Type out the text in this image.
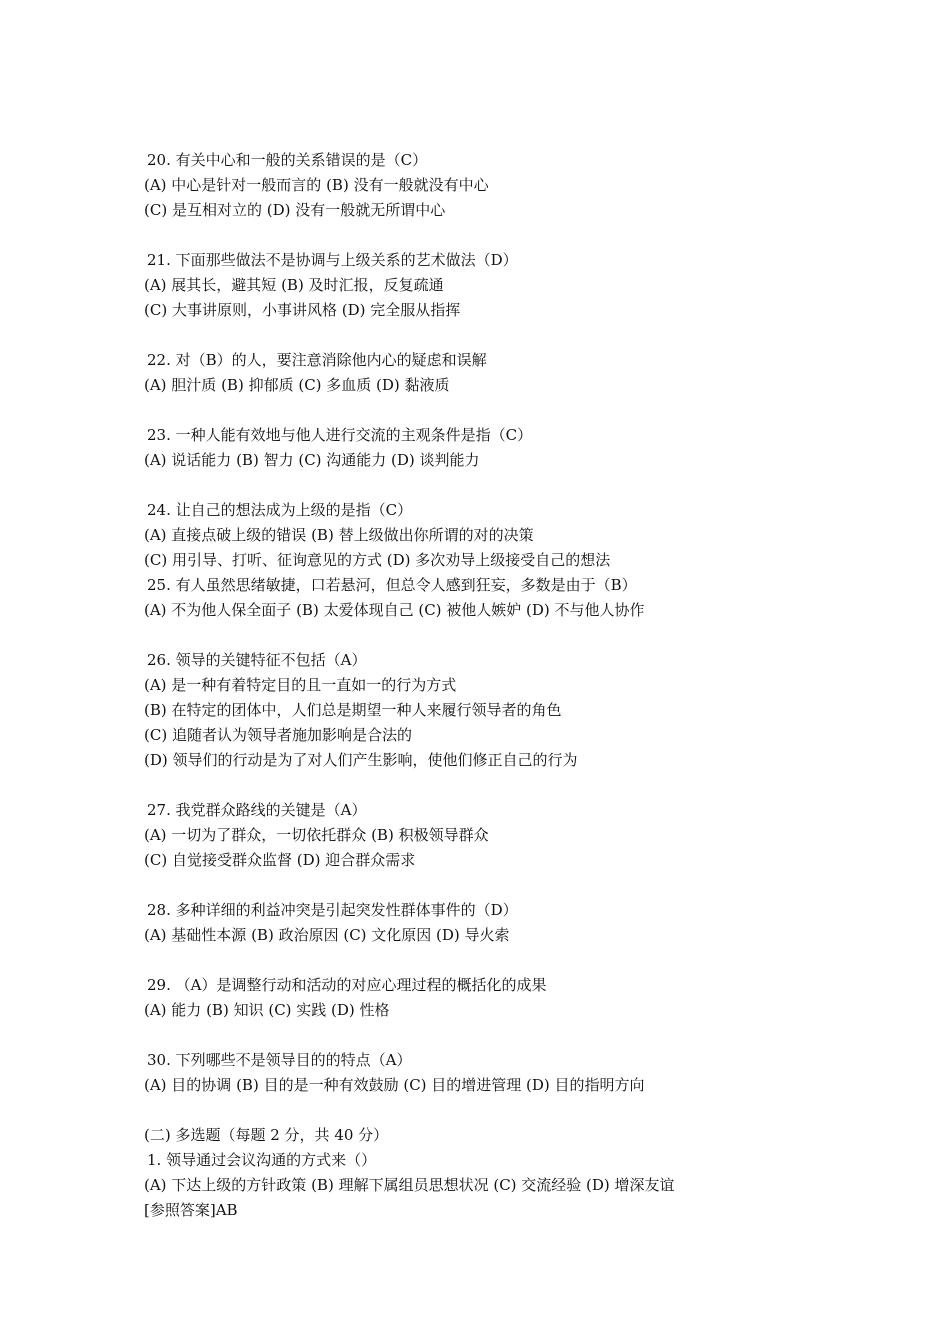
20. 有关中心和一般的关系错误的是（C）
(A) 中心是针对一般而言的 (B) 没有一般就没有中心
(C) 是互相对立的 (D) 没有一般就无所谓中心
21. 下面那些做法不是协调与上级关系的艺术做法（D）
(A) 展其长，避其短 (B) 及时汇报，反复疏通
(C) 大事讲原则，小事讲风格 (D) 完全服从指挥
22. 对（B）的人，要注意消除他内心的疑虑和误解
(A) 胆汁质 (B) 抑郁质 (C) 多血质 (D) 黏液质
23. 一种人能有效地与他人进行交流的主观条件是指（C）
(A) 说话能力 (B) 智力 (C) 沟通能力 (D) 谈判能力
24. 让自己的想法成为上级的是指（C）
(A) 直接点破上级的错误 (B) 替上级做出你所谓的对的决策
(C) 用引导、打听、征询意见的方式 (D) 多次劝导上级接受自己的想法
25. 有人虽然思绪敏捷，口若悬河，但总令人感到狂妄，多数是由于（B）
(A) 不为他人保全面子 (B) 太爱体现自己 (C) 被他人嫉妒 (D) 不与他人协作
26. 领导的关键特征不包括（A）
(A) 是一种有着特定目的且一直如一的行为方式
(B) 在特定的团体中，人们总是期望一种人来履行领导者的角色
(C) 追随者认为领导者施加影响是合法的
(D) 领导们的行动是为了对人们产生影响，使他们修正自己的行为
27. 我党群众路线的关键是（A）
(A) 一切为了群众，一切依托群众 (B) 积极领导群众
(C) 自觉接受群众监督 (D) 迎合群众需求
28. 多种详细的利益冲突是引起突发性群体事件的（D）
(A) 基础性本源 (B) 政治原因 (C) 文化原因 (D) 导火索
29. （A）是调整行动和活动的对应心理过程的概括化的成果
(A) 能力 (B) 知识 (C) 实践 (D) 性格
30. 下列哪些不是领导目的的特点（A）
(A) 目的协调 (B) 目的是一种有效鼓励 (C) 目的增进管理 (D) 目的指明方向
(二) 多选题（每题 2 分，共 40 分）
1. 领导通过会议沟通的方式来（）
(A) 下达上级的方针政策 (B) 理解下属组员思想状况 (C) 交流经验 (D) 增深友谊
[参照答案]AB
